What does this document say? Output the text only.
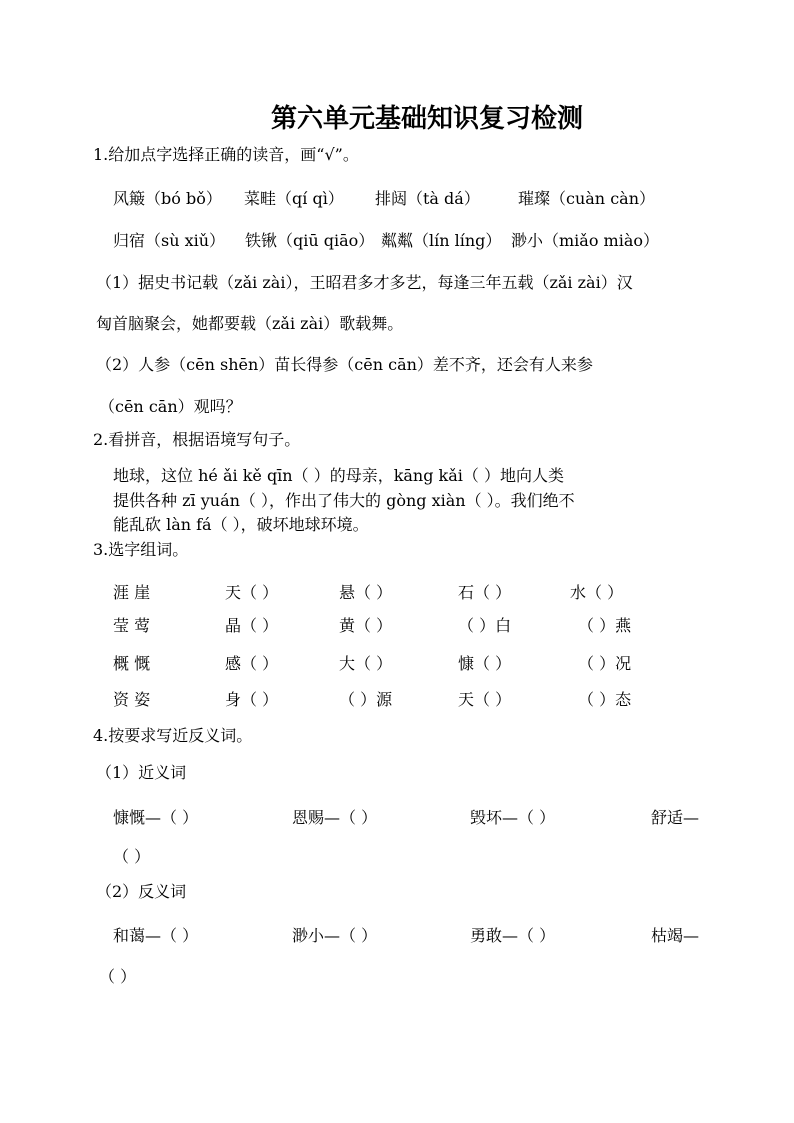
第六单元基础知识复习检测
1.给加点字选择正确的读音，画“√”。
风簸（bó bǒ） 菜畦（qí qì） 排闼（tà dá） 璀璨（cuàn càn）
归宿（sù xiǔ） 铁锹（qiū qiāo） 粼粼（lín líng） 渺小（miǎo miào）
（1）据史书记载（zǎi zài），王昭君多才多艺，每逢三年五载（zǎi zài）汉
匈首脑聚会，她都要载（zǎi zài）歌载舞。
（2）人参（cēn shēn）苗长得参（cēn cān）差不齐，还会有人来参
（cēn cān）观吗？
2.看拼音，根据语境写句子。
地球，这位 hé ǎi kě qīn（ ）的母亲，kāng kǎi（ ）地向人类
提供各种 zī yuán（ ），作出了伟大的 gòng xiàn（ ）。我们绝不
能乱砍 làn fá（ ），破坏地球环境。
3.选字组词。
涯 崖	天（ ）	悬（ ）	石（ ）	水（ ）
莹 莺	晶（ ）	黄（ ）	（ ）白	（ ）燕
概 慨	感（ ）	大（ ）	慷（ ）	（ ）况
资 姿	身（ ）	（ ）源	天（ ）	（ ）态
4.按要求写近反义词。
（1）近义词
慷慨—（ ）	恩赐—（ ）	毁坏—（ ）	舒适—
（ ）
（2）反义词
和蔼—（ ）	渺小—（ ）	勇敢—（ ）	枯竭—
（ ）
